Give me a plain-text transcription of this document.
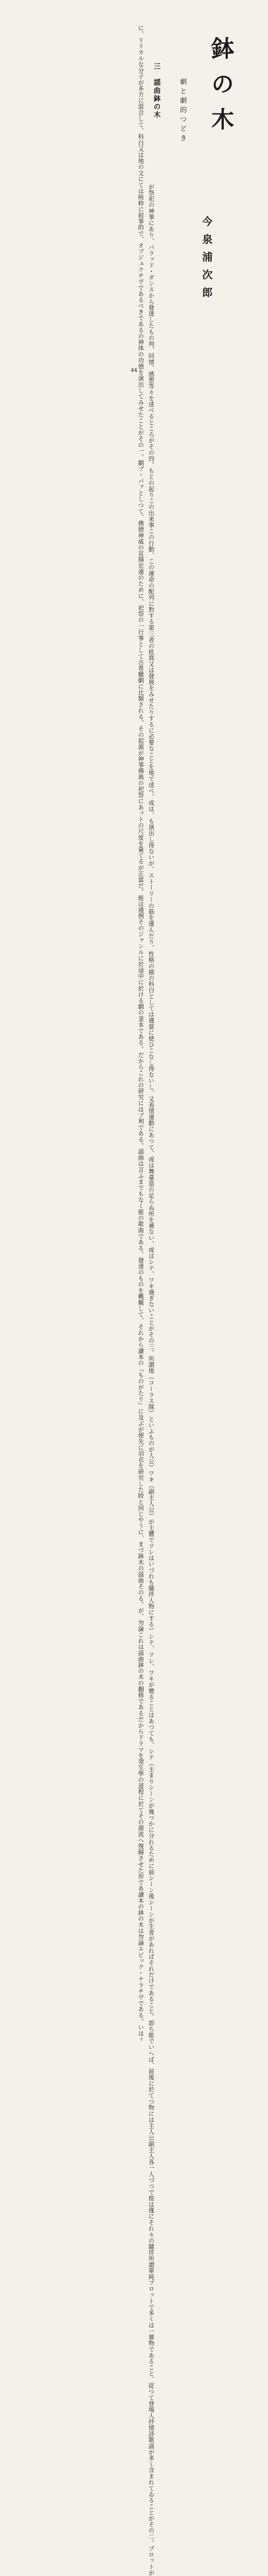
に、リリカルな分子が多方に混合して、科白又は地の文にては純粋に叙事的で、オブジェクチヴであるべきであるの神体の功徳を演出してみせたことがその一。劇ブ・パァとしつて、佛徳神威の宣揚宏通のために、祀祭の一行事として古希臘劇に比類される。その起源が神事佛典の祀祭にあットの尺度を量てるが正當だ。能は通例そのジャンルに於途中に於ける劇の釜本である。だからこれの研究にはブ利である。謡曲は言ふまでもなく能の歌曲である。發達のものを概観して、それから讀本の『ものがたり』に及ぶが便先に羽衣を研究した時と同じやうに、まづ鉢木の謡曲そのる。が、勿論これは謡曲鉢の木の翻修であるだからドラマを発生學の道程に於てその源流へ復歸させた形であ讀本の鉢の木は勿論エピック・ナラチヴである。いはゞ	三　謡曲鉢の木	劇と劇的つどき 鉢の木
が祭祀の神事にあり、バラッド・ダンスから發達したもの判、同情、感想等々を述べるところがその四。もとの起りこの出来事この行動、この運命の配列に對する第三者の批寫又は發展をみせたりするに必要なことを地で述べ、或は、も演出し得ないが、ストーリーの筋を運んだり、性格の描の科白としては適當に使ひこなし得ないし、又表情運動にあつて、或は舞臺造の足らぬ所を補ない、或はシテ、ワキ過ぎないことがその三。所謂地（コーラス隊）といふものが人公）ワキ（副主人公）が主體でツレはいづれも隨伴人物にする）シテ、ツレ、ワキが變ることはあつても、シテ（主まりシーンが幾つかに分れるために前シーン後シーンが生者があればそれだけであること、即ち能でいへば、前後に於てつ物には主人公副主人各一人づつで他は僅にそれ々の隨伴所謂單純プロットで多くは一幕物であること、従つて登場人抒情詩歌謡が多く含まれてゐることがその二。プロットが	今泉浦次郎
44
